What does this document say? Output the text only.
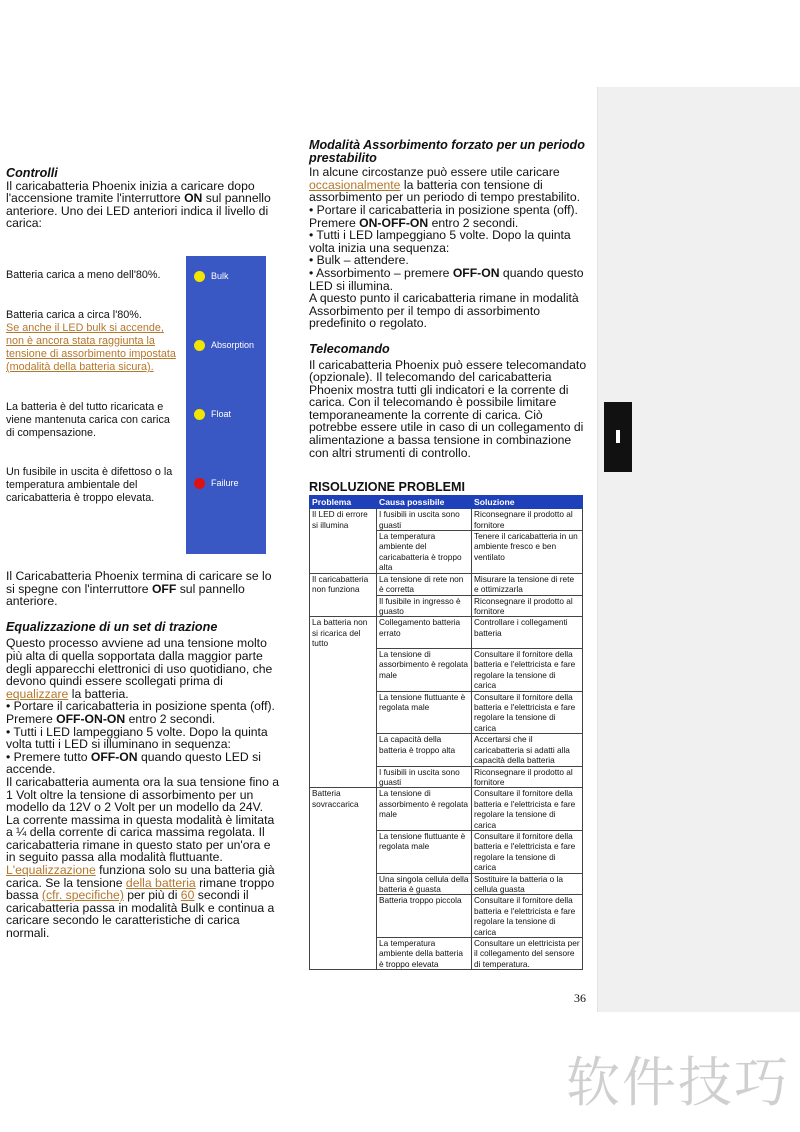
Controlli

Il caricabatteria Phoenix inizia a caricare dopo l'accensione tramite l'interruttore ON sul pannello anteriore. Uno dei LED anteriori indica il livello di carica:

Batteria carica a meno dell'80%.

Batteria carica a circa l'80%.

Se anche il LED bulk si accende, non è ancora stata raggiunta la tensione di assorbimento impostata (modalità della batteria sicura).

La batteria è del tutto ricaricata e viene mantenuta carica con carica di compensazione.

Un fusibile in uscita è difettoso o la temperatura ambientale del caricabatteria è troppo elevata.

Bulk
Absorption
Float
Failure

Il Caricabatteria Phoenix termina di caricare se lo si spegne con l'interruttore OFF sul pannello anteriore.

Equalizzazione di un set di trazione

Questo processo avviene ad una tensione molto più alta di quella sopportata dalla maggior parte degli apparecchi elettronici di uso quotidiano, che devono quindi essere scollegati prima di equalizzare la batteria.

• Portare il caricabatteria in posizione spenta (off). Premere OFF-ON-ON entro 2 secondi.

• Tutti i LED lampeggiano 5 volte. Dopo la quinta volta tutti i LED si illuminano in sequenza:

• Premere tutto OFF-ON quando questo LED si accende.

Il caricabatteria aumenta ora la sua tensione fino a 1 Volt oltre la tensione di assorbimento per un modello da 12V o 2 Volt per un modello da 24V.

La corrente massima in questa modalità è limitata a ¼ della corrente di carica massima regolata. Il caricabatteria rimane in questo stato per un'ora e in seguito passa alla modalità fluttuante.

L'equalizzazione funziona solo su una batteria già carica. Se la tensione della batteria rimane troppo bassa (cfr. specifiche) per più di 60 secondi il caricabatteria passa in modalità Bulk e continua a caricare secondo le caratteristiche di carica normali.

Modalità Assorbimento forzato per un periodo prestabilito

In alcune circostanze può essere utile caricare occasionalmente la batteria con tensione di assorbimento per un periodo di tempo prestabilito.

• Portare il caricabatteria in posizione spenta (off). Premere ON-OFF-ON entro 2 secondi.

• Tutti i LED lampeggiano 5 volte. Dopo la quinta volta inizia una sequenza:

• Bulk – attendere.

• Assorbimento – premere OFF-ON quando questo LED si illumina.

A questo punto il caricabatteria rimane in modalità Assorbimento per il tempo di assorbimento predefinito o regolato.

Telecomando

Il caricabatteria Phoenix può essere telecomandato (opzionale). Il telecomando del caricabatteria Phoenix mostra tutti gli indicatori e la corrente di carica. Con il telecomando è possibile limitare temporaneamente la corrente di carica. Ciò potrebbe essere utile in caso di un collegamento di alimentazione a bassa tensione in combinazione con altri strumenti di controllo.

RISOLUZIONE PROBLEMI

Problema	Causa possibile	Soluzione
Il LED di errore si illumina	I fusibili in uscita sono guasti	Riconsegnare il prodotto al fornitore
	La temperatura ambiente del caricabatteria è troppo alta	Tenere il caricabatteria in un ambiente fresco e ben ventilato
Il caricabatteria non funziona	La tensione di rete non è corretta	Misurare la tensione di rete e ottimizzarla
	Il fusibile in ingresso è guasto	Riconsegnare il prodotto al fornitore
La batteria non si ricarica del tutto	Collegamento batteria errato	Controllare i collegamenti batteria
	La tensione di assorbimento è regolata male	Consultare il fornitore della batteria e l'elettricista e fare regolare la tensione di carica
	La tensione fluttuante è regolata male	Consultare il fornitore della batteria e l'elettricista e fare regolare la tensione di carica
	La capacità della batteria è troppo alta	Accertarsi che il caricabatteria si adatti alla capacità della batteria
	I fusibili in uscita sono guasti	Riconsegnare il prodotto al fornitore
Batteria sovraccarica	La tensione di assorbimento è regolata male	Consultare il fornitore della batteria e l'elettricista e fare regolare la tensione di carica
	La tensione fluttuante è regolata male	Consultare il fornitore della batteria e l'elettricista e fare regolare la tensione di carica
	Una singola cellula della batteria è guasta	Sostituire la batteria o la cellula guasta
	Batteria troppo piccola	Consultare il fornitore della batteria e l'elettricista e fare regolare la tensione di carica
	La temperatura ambiente della batteria è troppo elevata	Consultare un elettricista per il collegamento del sensore di temperatura.
36
软件技巧
